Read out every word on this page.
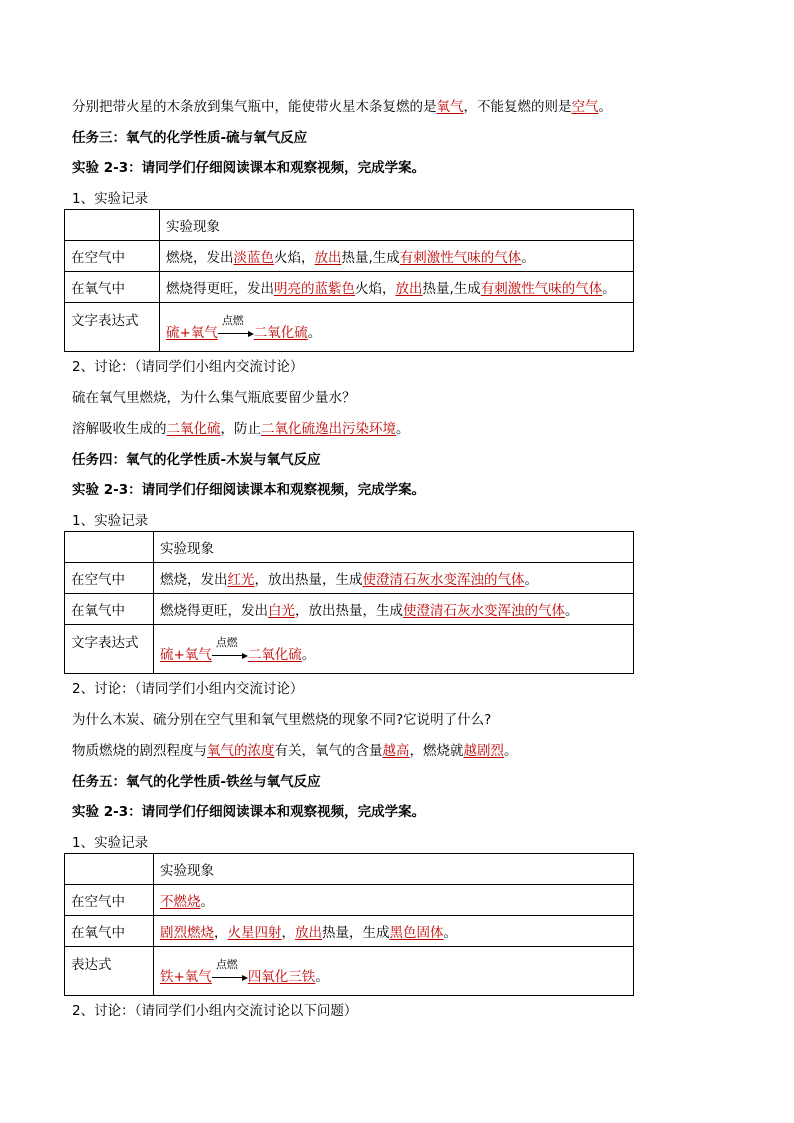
分别把带火星的木条放到集气瓶中，能使带火星木条复燃的是氧气，不能复燃的则是空气。

任务三：氧气的化学性质-硫与氧气反应

实验 2-3：请同学们仔细阅读课本和观察视频，完成学案。

1、实验记录

	实验现象
在空气中	燃烧，发出淡蓝色火焰，放出热量,生成有刺激性气味的气体。
在氧气中	燃烧得更旺，发出明亮的蓝紫色火焰，放出热量,生成有刺激性气味的气体。
文字表达式	硫+氧气
点燃
二氧化硫。

2、讨论：（请同学们小组内交流讨论）

硫在氧气里燃烧，为什么集气瓶底要留少量水？

溶解吸收生成的二氧化硫，防止二氧化硫逸出污染环境。

任务四：氧气的化学性质-木炭与氧气反应

实验 2-3：请同学们仔细阅读课本和观察视频，完成学案。

1、实验记录

	实验现象
在空气中	燃烧，发出红光，放出热量，生成使澄清石灰水变浑浊的气体。
在氧气中	燃烧得更旺，发出白光，放出热量，生成使澄清石灰水变浑浊的气体。
文字表达式	硫+氧气
点燃
二氧化硫。

2、讨论：（请同学们小组内交流讨论）

为什么木炭、硫分别在空气里和氧气里燃烧的现象不同?它说明了什么?

物质燃烧的剧烈程度与氧气的浓度有关，氧气的含量越高，燃烧就越剧烈。

任务五：氧气的化学性质-铁丝与氧气反应

实验 2-3：请同学们仔细阅读课本和观察视频，完成学案。

1、实验记录

	实验现象
在空气中	不燃烧。
在氧气中	剧烈燃烧，火星四射，放出热量，生成黑色固体。
表达式	铁+氧气
点燃
四氧化三铁。

2、讨论：（请同学们小组内交流讨论以下问题）
